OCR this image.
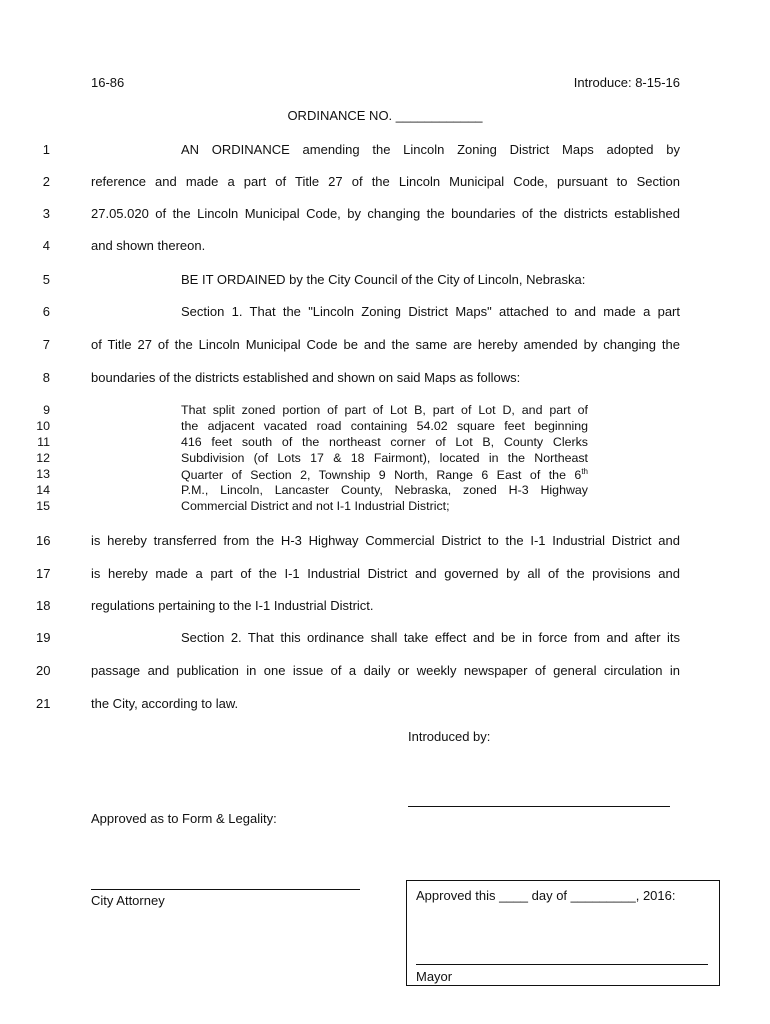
16-86	Introduce: 8-15-16
ORDINANCE NO. ____________
1	AN ORDINANCE amending the Lincoln Zoning District Maps adopted by
2	reference and made a part of Title 27 of the Lincoln Municipal Code, pursuant to Section
3	27.05.020 of the Lincoln Municipal Code, by changing the boundaries of the districts established
4	and shown thereon.
5	BE IT ORDAINED by the City Council of the City of Lincoln, Nebraska:
6	Section 1. That the "Lincoln Zoning District Maps" attached to and made a part
7	of Title 27 of the Lincoln Municipal Code be and the same are hereby amended by changing the
8	boundaries of the districts established and shown on said Maps as follows:
9	That split zoned portion of part of Lot B, part of Lot D, and part of
10	the adjacent vacated road containing 54.02 square feet beginning
11	416 feet south of the northeast corner of Lot B, County Clerks
12	Subdivision (of Lots 17 & 18 Fairmont), located in the Northeast
13	Quarter of Section 2, Township 9 North, Range 6 East of the 6th
14	P.M., Lincoln, Lancaster County, Nebraska, zoned H-3 Highway
15	Commercial District and not I-1 Industrial District;
16	is hereby transferred from the H-3 Highway Commercial District to the I-1 Industrial District and
17	is hereby made a part of the I-1 Industrial District and governed by all of the provisions and
18	regulations pertaining to the I-1 Industrial District.
19	Section 2. That this ordinance shall take effect and be in force from and after its
20	passage and publication in one issue of a daily or weekly newspaper of general circulation in
21	the City, according to law.
Introduced by:
Approved as to Form & Legality:
City Attorney	Approved this ____ day of _________, 2016:
Mayor
